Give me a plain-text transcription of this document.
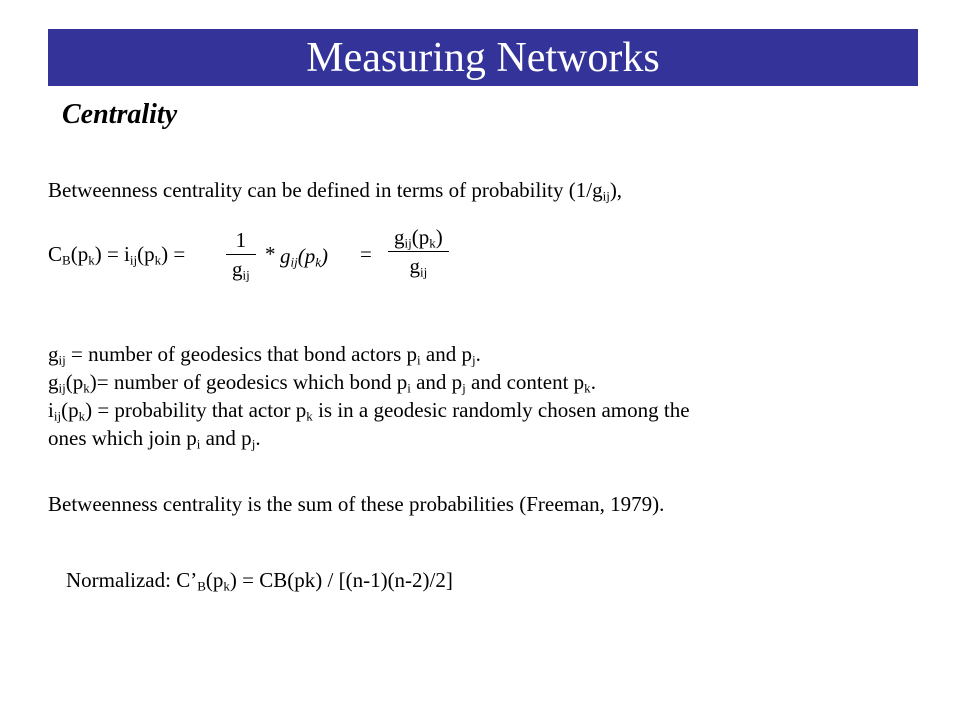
Measuring Networks
Centrality
Betweenness centrality can be defined in terms of probability $(1/g_{ij})$,
$C_B(p_k) = i_{ij}(p_k)$ =
1
$g_{ij}$
* $g_{ij}(p_k)$ =
$g_{ij}(p_k)$
$g_{ij}$
$g_{ij}$ = number of geodesics that bond actors $p_i$ and $p_j$.
$g_{ij}(p_k)=$ number of geodesics which bond $p_i$ and $p_j$ and content $p_k$.
$i_{ij}(p_k)$ = probability that actor $p_k$ is in a geodesic randomly chosen among the
ones which join $p_i$ and $p_j$.
Betweenness centrality is the sum of these probabilities (Freeman, 1979).
Normalizad: $C’_B(p_k) = CB(pk) / [(n-1)(n-2)/2]$
